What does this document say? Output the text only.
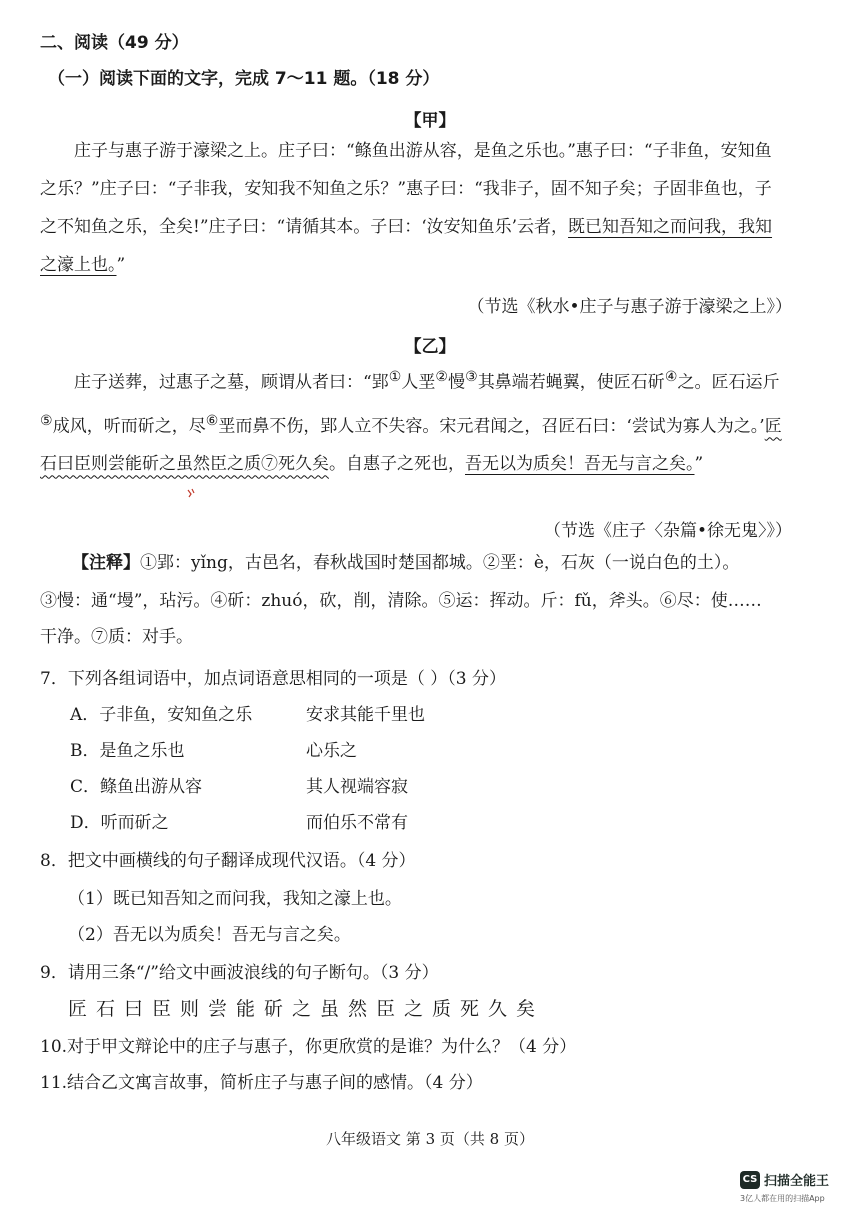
二、阅读（49 分）
（一）阅读下面的文字，完成 7～11 题。（18 分）
【甲】
庄子与惠子游于濠梁之上。庄子曰：“鲦鱼出游从容，是鱼之乐也。”惠子曰：“子非鱼，安知鱼之乐？”庄子曰：“子非我，安知我不知鱼之乐？”惠子曰：“我非子，固不知子矣；子固非鱼也，子之不知鱼之乐，全矣!”庄子曰：“请循其本。子曰：‘汝安知鱼乐’云者，既已知吾知之而问我，我知之濠上也。”
（节选《秋水•庄子与惠子游于濠梁之上》）
【乙】
庄子送葬，过惠子之墓，顾谓从者曰：“郢①人垩②慢③其鼻端若蝇翼，使匠石斫④之。匠石运斤⑤成风，听而斫之，尽⑥垩而鼻不伤，郢人立不失容。宋元君闻之，召匠石曰：‘尝试为寡人为之。’匠石曰臣则尝能斫之虽然臣之质⑦死久矣。自惠子之死也，吾无以为质矣！吾无与言之矣。”
（节选《庄子〈杂篇•徐无鬼〉》）
【注释】①郢：yǐng，古邑名，春秋战国时楚国都城。②垩：è，石灰（一说白色的土）。
③慢：通“墁”，玷污。④斫：zhuó，砍，削，清除。⑤运：挥动。斤：fǔ，斧头。⑥尽：使……
干净。⑦质：对手。
7．下列各组词语中，加点词语意思相同的一项是（ ）（3 分）
A．子非鱼，安知鱼之乐	安求其能千里也
B．是鱼之乐也	心乐之
C．鲦鱼出游从容	其人视端容寂
D．听而斫之	而伯乐不常有
8．把文中画横线的句子翻译成现代汉语。（4 分）
（1）既已知吾知之而问我，我知之濠上也。
（2）吾无以为质矣！吾无与言之矣。
9．请用三条“/”给文中画波浪线的句子断句。（3 分）
匠石曰臣则尝能斫之虽然臣之质死久矣
10.对于甲文辩论中的庄子与惠子，你更欣赏的是谁？为什么？（4 分）
11.结合乙文寓言故事，简析庄子与惠子间的感情。（4 分）
八年级语文 第 3 页（共 8 页）
CS 扫描全能王
3亿人都在用的扫描App
